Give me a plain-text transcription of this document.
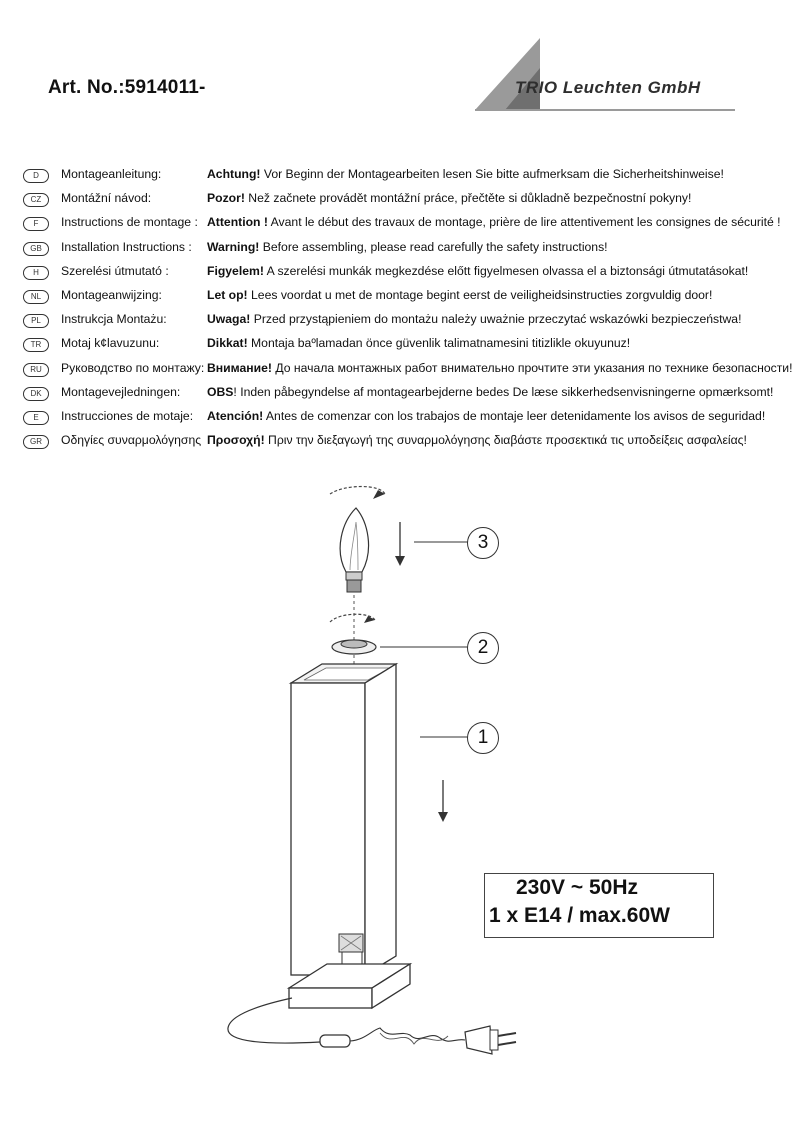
Art. No.:5914011-	TRIO Leuchten GmbH
D	Montageanleitung:	Achtung! Vor Beginn der Montagearbeiten lesen Sie bitte aufmerksam die Sicherheitshinweise!
CZ	Montážní návod:	Pozor! Než začnete provádět montážní práce, přečtěte si důkladně bezpečnostní pokyny!
F	Instructions de montage : Attention ! Avant le début des travaux de montage, prière de lire attentivement les consignes de sécurité !
GB	Installation Instructions : Warning! Before assembling, please read carefully the safety instructions!
H	Szerelési útmutató :	Figyelem! A szerelési munkák megkezdése előtt figyelmesen olvassa el a biztonsági útmutatásokat!
NL	Montageanwijzing:	Let op! Lees voordat u met de montage begint eerst de veiligheidsinstructies zorgvuldig door!
PL	Instrukcja Montażu:	Uwaga! Przed przystąpieniem do montażu należy uważnie przeczytać wskazówki bezpieczeństwa!
TR	Motaj k¢lavuzunu:	Dikkat! Montaja baºlamadan önce güvenlik talimatnamesini titizlikle okuyunuz!
RU	Руководство по монтажу: Внимание! До начала монтажных работ внимательно прочтите эти указания по технике безопасности!
DK	Montagevejledningen: OBS! Inden påbegyndelse af montagearbejderne bedes De læse sikkerhedsenvisningerne opmærksomt!
E	Instrucciones de motaje: Atención! Antes de comenzar con los trabajos de montaje leer detenidamente los avisos de seguridad!
GR	Οδηγίες συναρμολόγησης Προσοχή! Πριν την διεξαγωγή της συναρμολόγησης διαβάστε προσεκτικά τις υποδείξεις ασφαλείας!
3
2
1
230V ~ 50Hz
1 x E14 / max.60W
